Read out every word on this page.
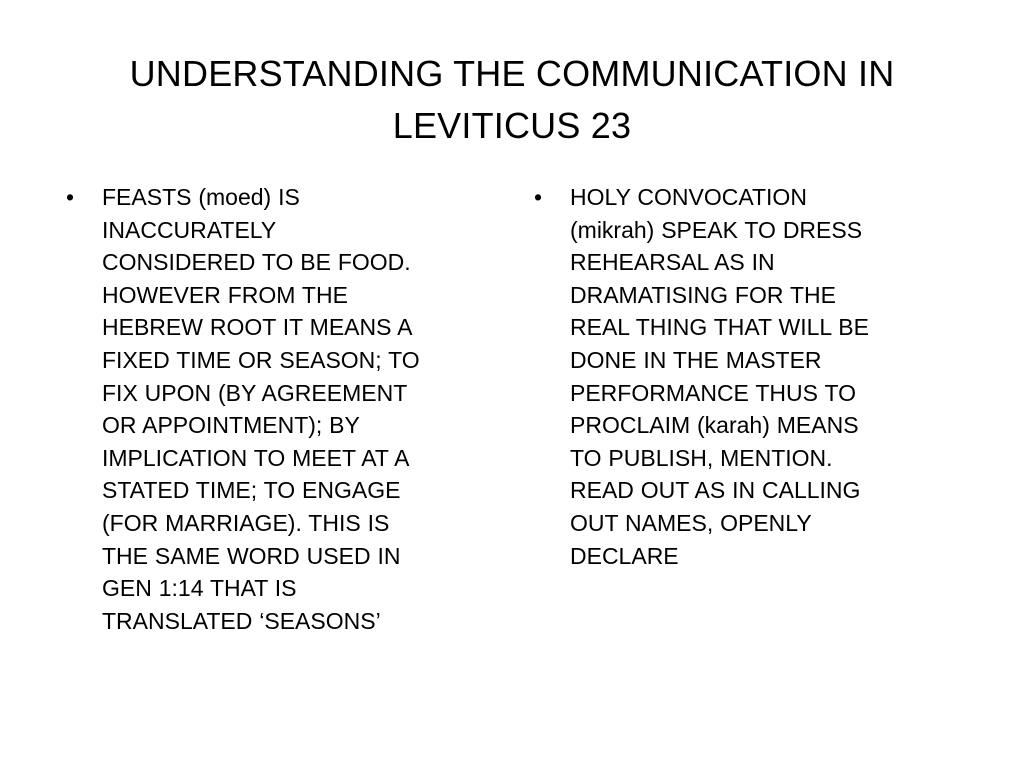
UNDERSTANDING THE COMMUNICATION IN
LEVITICUS 23
• FEASTS (moed) IS
INACCURATELY
CONSIDERED TO BE FOOD.
HOWEVER FROM THE
HEBREW ROOT IT MEANS A
FIXED TIME OR SEASON; TO
FIX UPON (BY AGREEMENT
OR APPOINTMENT); BY
IMPLICATION TO MEET AT A
STATED TIME; TO ENGAGE
(FOR MARRIAGE). THIS IS
THE SAME WORD USED IN
GEN 1:14 THAT IS
TRANSLATED ‘SEASONS’
• HOLY CONVOCATION
(mikrah) SPEAK TO DRESS
REHEARSAL AS IN
DRAMATISING FOR THE
REAL THING THAT WILL BE
DONE IN THE MASTER
PERFORMANCE THUS TO
PROCLAIM (karah) MEANS
TO PUBLISH, MENTION.
READ OUT AS IN CALLING
OUT NAMES, OPENLY
DECLARE
